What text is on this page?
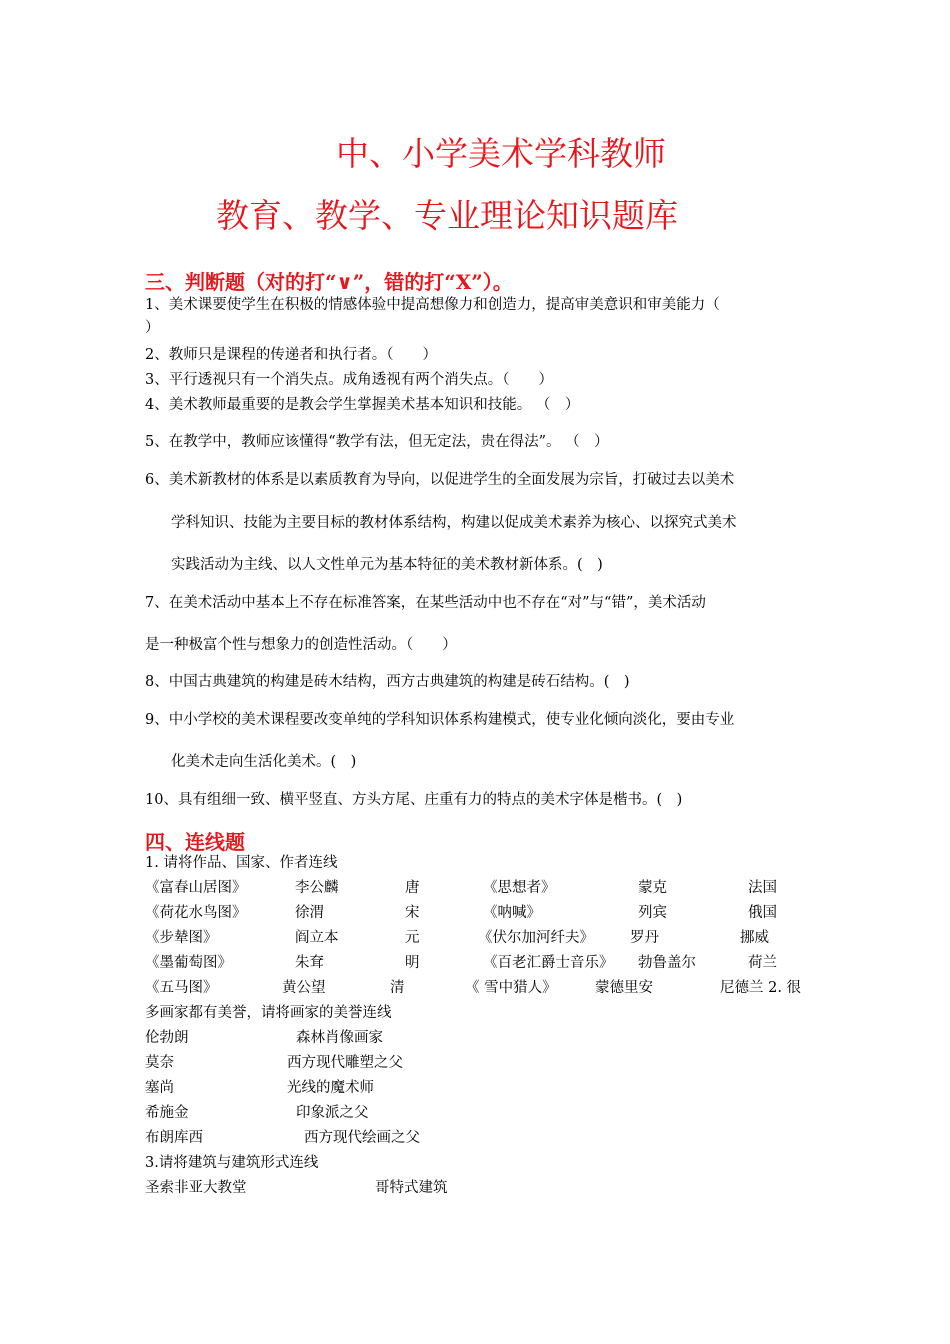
中、小学美术学科教师
教育、教学、专业理论知识题库
三、判断题（对的打“∨”，错的打“X”）。
1、美术课要使学生在积极的情感体验中提高想像力和创造力，提高审美意识和审美能力（
）
2、教师只是课程的传递者和执行者。（　　）
3、平行透视只有一个消失点。成角透视有两个消失点。（　　）
4、美术教师最重要的是教会学生掌握美术基本知识和技能。 （　）
5、在教学中，教师应该懂得“教学有法，但无定法，贵在得法”。 （　）
6、美术新教材的体系是以素质教育为导向，以促进学生的全面发展为宗旨，打破过去以美术
学科知识、技能为主要目标的教材体系结构，构建以促成美术素养为核心、以探究式美术
实践活动为主线、以人文性单元为基本特征的美术教材新体系。(　)
7、在美术活动中基本上不存在标准答案，在某些活动中也不存在“对”与“错”，美术活动
是一种极富个性与想象力的创造性活动。（　　）
8、中国古典建筑的构建是砖木结构，西方古典建筑的构建是砖石结构。(　)
9、中小学校的美术课程要改变单纯的学科知识体系构建模式，使专业化倾向淡化，要由专业
化美术走向生活化美术。(　)
10、具有组细一致、横平竖直、方头方尾、庄重有力的特点的美术字体是楷书。(　)
四、连线题
1. 请将作品、国家、作者连线
《富春山居图》	李公麟	唐	《思想者》	蒙克	法国
《荷花水鸟图》	徐渭	宋	《呐喊》	列宾	俄国
《步辇图》	阎立本	元	《伏尔加河纤夫》 罗丹	挪威
《墨葡萄图》	朱耷	明	《百老汇爵士音乐》 勃鲁盖尔	荷兰
《五马图》	黄公望	清	《 雪中猎人》	蒙德里安	尼德兰 2. 很
多画家都有美誉，请将画家的美誉连线
伦勃朗	森林肖像画家
莫奈	西方现代雕塑之父
塞尚	光线的魔术师
希施金	印象派之父
布朗库西	西方现代绘画之父
3.请将建筑与建筑形式连线
圣索非亚大教堂	哥特式建筑
